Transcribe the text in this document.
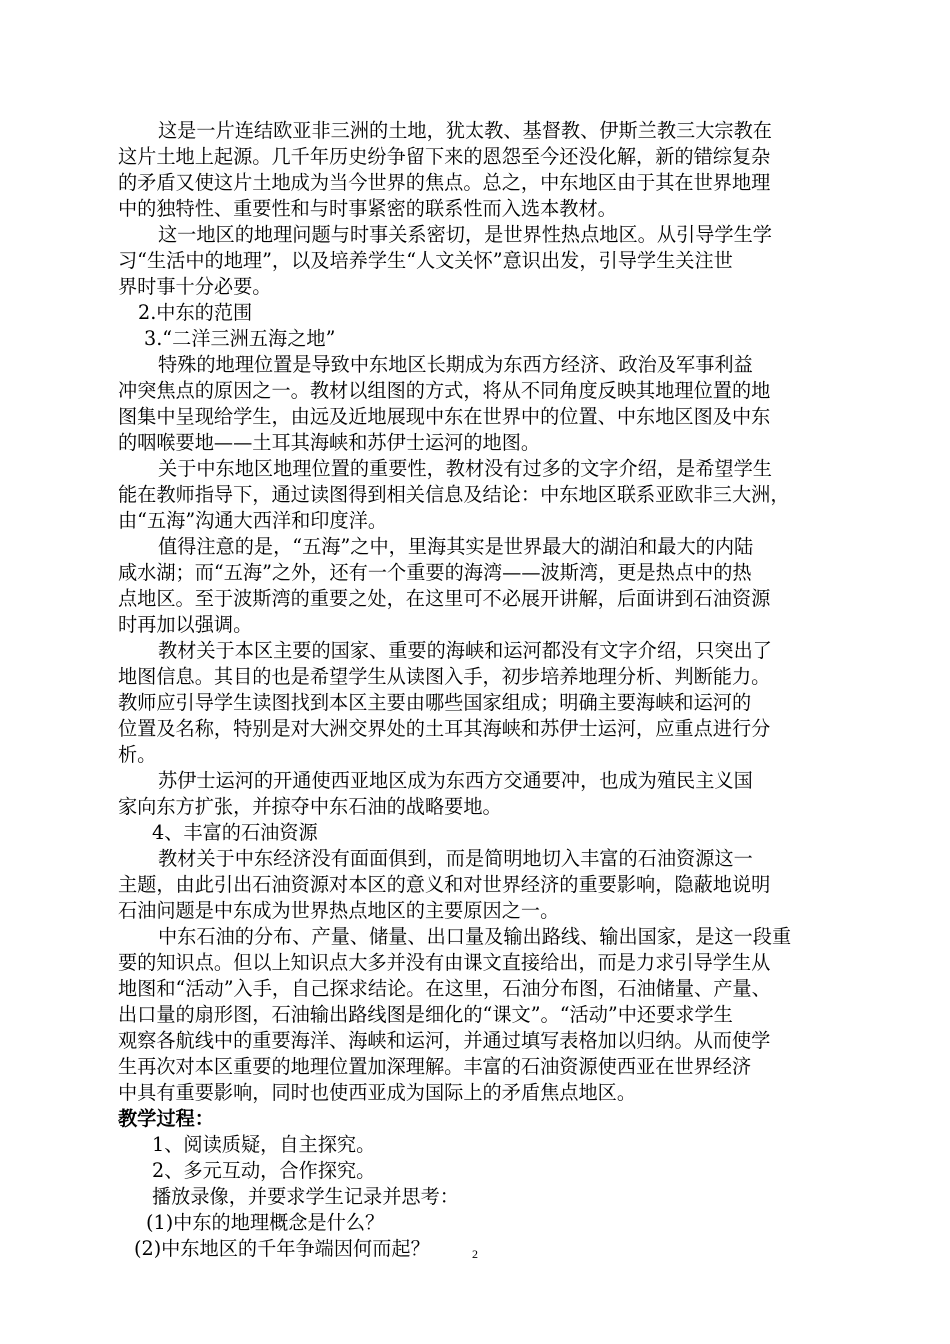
这是一片连结欧亚非三洲的土地，犹太教、基督教、伊斯兰教三大宗教在
这片土地上起源。几千年历史纷争留下来的恩怨至今还没化解，新的错综复杂
的矛盾又使这片土地成为当今世界的焦点。总之，中东地区由于其在世界地理
中的独特性、重要性和与时事紧密的联系性而入选本教材。
这一地区的地理问题与时事关系密切，是世界性热点地区。从引导学生学
习“生活中的地理”，以及培养学生“人文关怀”意识出发，引导学生关注世
界时事十分必要。
2.中东的范围
3.“二洋三洲五海之地”
特殊的地理位置是导致中东地区长期成为东西方经济、政治及军事利益
冲突焦点的原因之一。教材以组图的方式，将从不同角度反映其地理位置的地
图集中呈现给学生，由远及近地展现中东在世界中的位置、中东地区图及中东
的咽喉要地——土耳其海峡和苏伊士运河的地图。
关于中东地区地理位置的重要性，教材没有过多的文字介绍，是希望学生
能在教师指导下，通过读图得到相关信息及结论：中东地区联系亚欧非三大洲，
由“五海”沟通大西洋和印度洋。
值得注意的是，“五海”之中，里海其实是世界最大的湖泊和最大的内陆
咸水湖；而“五海”之外，还有一个重要的海湾——波斯湾，更是热点中的热
点地区。至于波斯湾的重要之处，在这里可不必展开讲解，后面讲到石油资源
时再加以强调。
教材关于本区主要的国家、重要的海峡和运河都没有文字介绍，只突出了
地图信息。其目的也是希望学生从读图入手，初步培养地理分析、判断能力。
教师应引导学生读图找到本区主要由哪些国家组成；明确主要海峡和运河的
位置及名称，特别是对大洲交界处的土耳其海峡和苏伊士运河，应重点进行分
析。
苏伊士运河的开通使西亚地区成为东西方交通要冲，也成为殖民主义国
家向东方扩张，并掠夺中东石油的战略要地。
4、丰富的石油资源
教材关于中东经济没有面面俱到，而是简明地切入丰富的石油资源这一
主题，由此引出石油资源对本区的意义和对世界经济的重要影响，隐蔽地说明
石油问题是中东成为世界热点地区的主要原因之一。
中东石油的分布、产量、储量、出口量及输出路线、输出国家，是这一段重
要的知识点。但以上知识点大多并没有由课文直接给出，而是力求引导学生从
地图和“活动”入手，自己探求结论。在这里，石油分布图，石油储量、产量、
出口量的扇形图，石油输出路线图是细化的“课文”。“活动”中还要求学生
观察各航线中的重要海洋、海峡和运河，并通过填写表格加以归纳。从而使学
生再次对本区重要的地理位置加深理解。丰富的石油资源使西亚在世界经济
中具有重要影响，同时也使西亚成为国际上的矛盾焦点地区。
教学过程：
1、阅读质疑，自主探究。
2、多元互动，合作探究。
播放录像，并要求学生记录并思考：
(1)中东的地理概念是什么？
(2)中东地区的千年争端因何而起？	2
